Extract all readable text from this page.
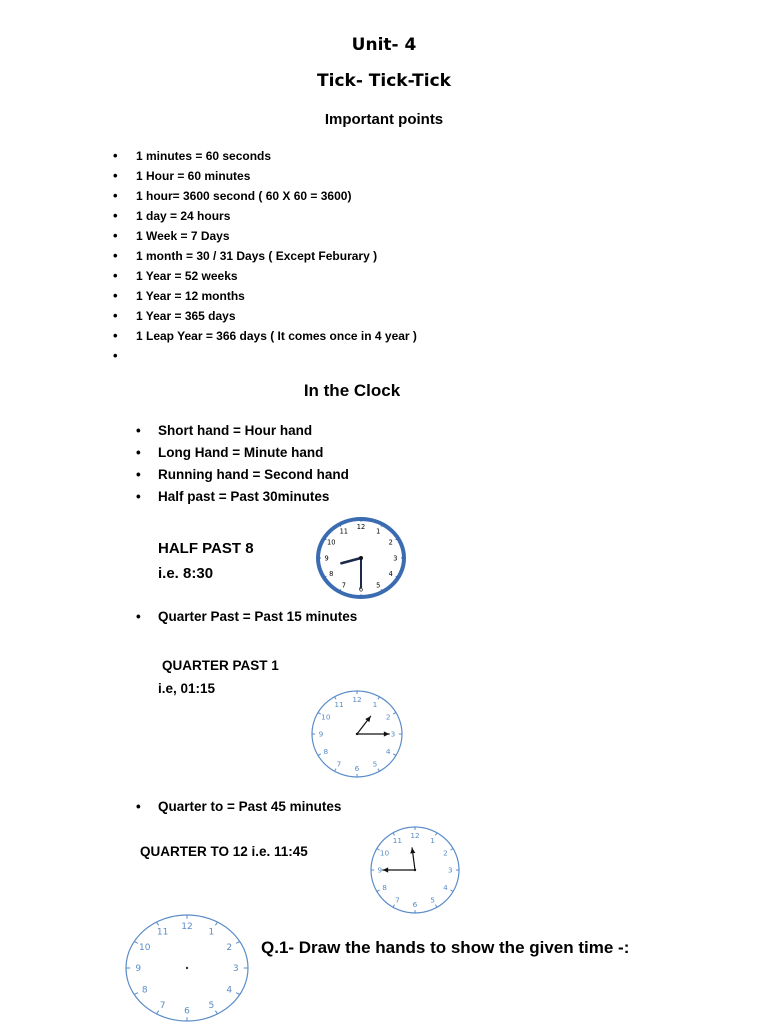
Unit- 4
Tick- Tick-Tick
Important points
• 1 minutes = 60 seconds
• 1 Hour = 60 minutes
• 1 hour= 3600 second ( 60 X 60 = 3600)
• 1 day = 24 hours
• 1 Week = 7 Days
• 1 month = 30 / 31 Days ( Except Feburary )
• 1 Year = 52 weeks
• 1 Year = 12 months
• 1 Year = 365 days
• 1 Leap Year = 366 days ( It comes once in 4 year )
•
In the Clock
• Short hand = Hour hand
• Long Hand = Minute hand
• Running hand = Second hand
• Half past = Past 30minutes
HALF PAST 8
i.e. 8:30
• Quarter Past = Past 15 minutes
QUARTER PAST 1
i.e, 01:15
• Quarter to = Past 45 minutes
QUARTER TO 12 i.e. 11:45
Q.1- Draw the hands to show the given time -:
1
2
3
4
5
6
7
8
9
10
11
12
1
2
3
4
5
6
7
8
9
10
11
12
1
2
3
4
5
6
7
8
9
10
11
12
1
2
3
4
5
6
7
8
9
10
11
12
